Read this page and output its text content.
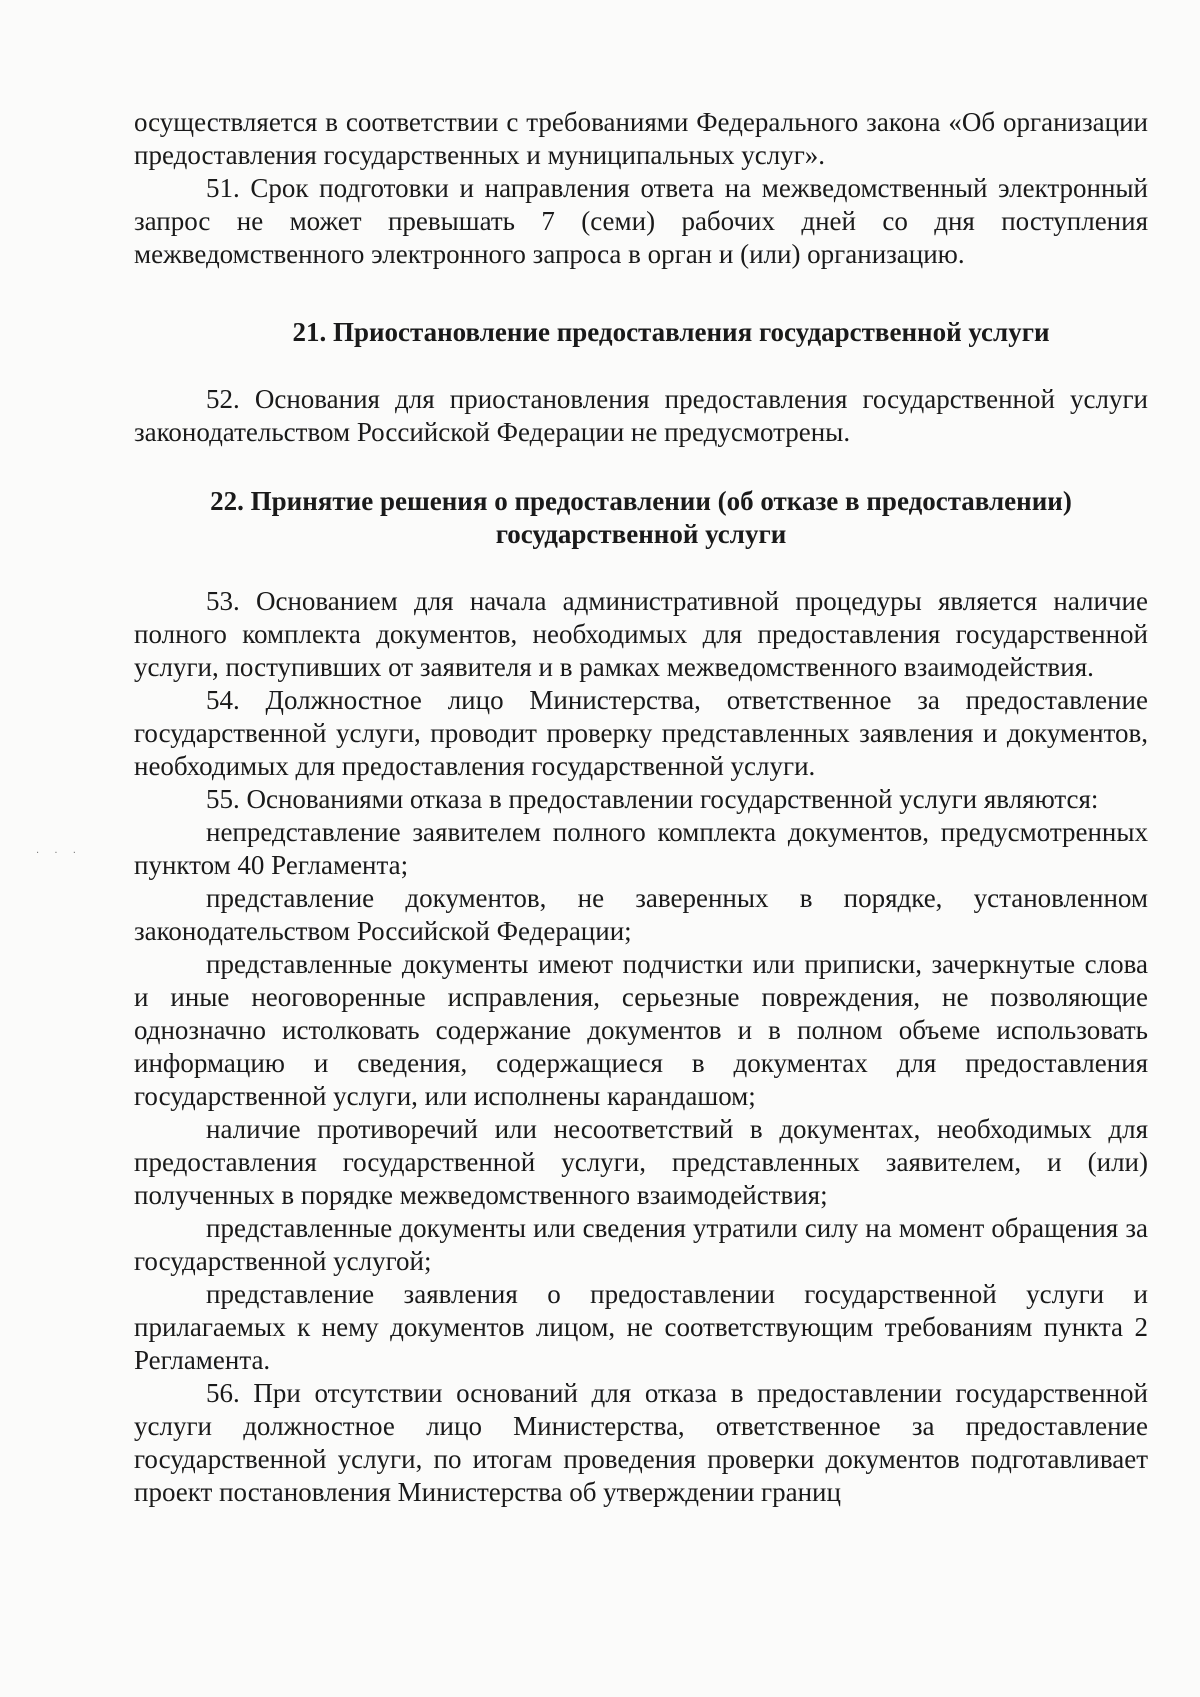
· · ·

осуществляется в соответствии с требованиями Федерального закона «Об организации предоставления государственных и муниципальных услуг».

51. Срок подготовки и направления ответа на межведомственный электронный запрос не может превышать 7 (семи) рабочих дней со дня поступления межведомственного электронного запроса в орган и (или) организацию.

21. Приостановление предоставления государственной услуги

52. Основания для приостановления предоставления государственной услуги законодательством Российской Федерации не предусмотрены.

22. Принятие решения о предоставлении (об отказе в предоставлении)
государственной услуги

53. Основанием для начала административной процедуры является наличие полного комплекта документов, необходимых для предоставления государственной услуги, поступивших от заявителя и в рамках межведомственного взаимодействия.

54. Должностное лицо Министерства, ответственное за предоставление государственной услуги, проводит проверку представленных заявления и документов, необходимых для предоставления государственной услуги.

55. Основаниями отказа в предоставлении государственной услуги являются:

непредставление заявителем полного комплекта документов, предусмотренных пунктом 40 Регламента;

представление документов, не заверенных в порядке, установленном законодательством Российской Федерации;

представленные документы имеют подчистки или приписки, зачеркнутые слова и иные неоговоренные исправления, серьезные повреждения, не позволяющие однозначно истолковать содержание документов и в полном объеме использовать информацию и сведения, содержащиеся в документах для предоставления государственной услуги, или исполнены карандашом;

наличие противоречий или несоответствий в документах, необходимых для предоставления государственной услуги, представленных заявителем, и (или) полученных в порядке межведомственного взаимодействия;

представленные документы или сведения утратили силу на момент обращения за государственной услугой;

представление заявления о предоставлении государственной услуги и прилагаемых к нему документов лицом, не соответствующим требованиям пункта 2 Регламента.

56. При отсутствии оснований для отказа в предоставлении государственной услуги должностное лицо Министерства, ответственное за предоставление государственной услуги, по итогам проведения проверки документов подготавливает проект постановления Министерства об утверждении границ
